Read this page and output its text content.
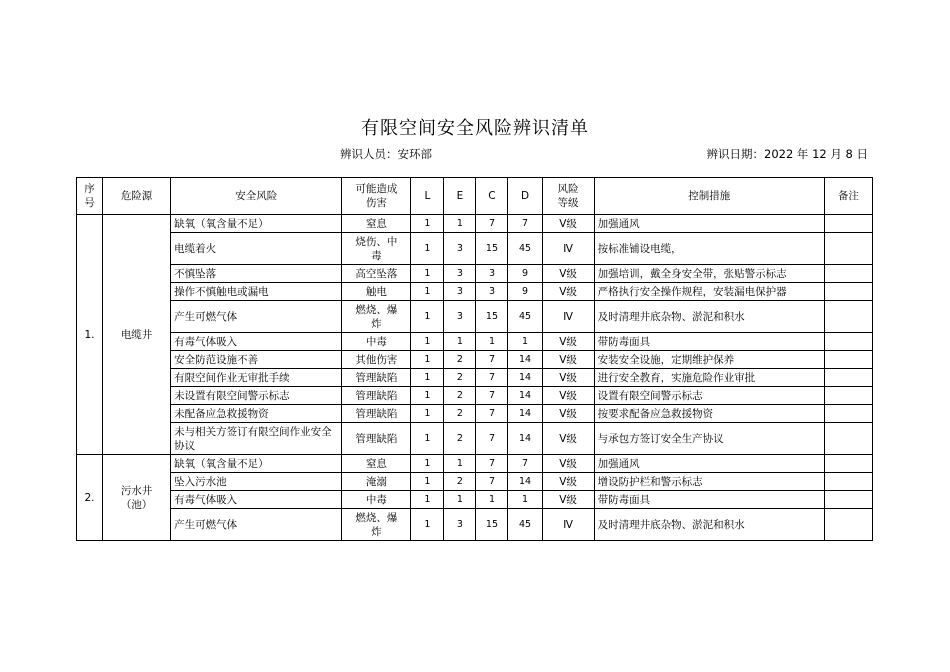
有限空间安全风险辨识清单
辨识人员：安环部	辨识日期：2022 年 12 月 8 日
序号	危险源	安全风险	可能造成伤害	L	E	C	D	风险等级	控制措施	备注
1.	电缆井	缺氧（氧含量不足）	窒息	1	1	7	7	Ⅴ级	加强通风	
		电缆着火	烧伤、中毒	1	3	15	45	Ⅳ	按标准铺设电缆，	
		不慎坠落	高空坠落	1	3	3	9	Ⅴ级	加强培训，戴全身安全带，张贴警示标志	
		操作不慎触电或漏电	触电	1	3	3	9	Ⅴ级	严格执行安全操作规程，安装漏电保护器	
		产生可燃气体	燃烧、爆炸	1	3	15	45	Ⅳ	及时清理井底杂物、淤泥和积水	
		有毒气体吸入	中毒	1	1	1	1	Ⅴ级	带防毒面具	
		安全防范设施不善	其他伤害	1	2	7	14	Ⅴ级	安装安全设施，定期维护保养	
		有限空间作业无审批手续	管理缺陷	1	2	7	14	Ⅴ级	进行安全教育，实施危险作业审批	
		未设置有限空间警示标志	管理缺陷	1	2	7	14	Ⅴ级	设置有限空间警示标志	
		未配备应急救援物资	管理缺陷	1	2	7	14	Ⅴ级	按要求配备应急救援物资	
		未与相关方签订有限空间作业安全协议	管理缺陷	1	2	7	14	Ⅴ级	与承包方签订安全生产协议	
2.	污水井（池）	缺氧（氧含量不足）	窒息	1	1	7	7	Ⅴ级	加强通风	
		坠入污水池	淹溺	1	2	7	14	Ⅴ级	增设防护栏和警示标志	
		有毒气体吸入	中毒	1	1	1	1	Ⅴ级	带防毒面具	
		产生可燃气体	燃烧、爆炸	1	3	15	45	Ⅳ	及时清理井底杂物、淤泥和积水	
